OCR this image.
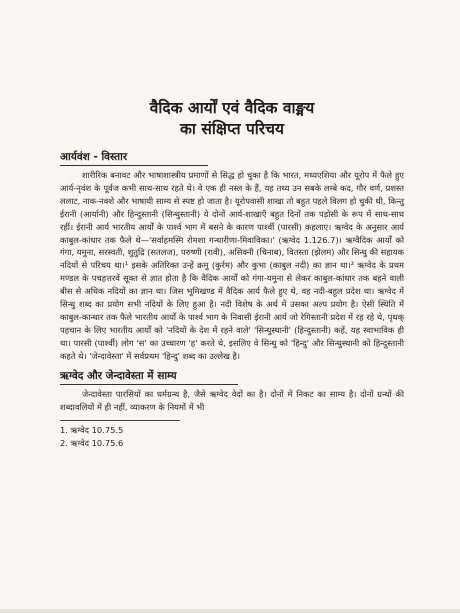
वैदिक आर्यों एवं वैदिक वाङ्मय
का संक्षिप्त परिचय
आर्यवंश - विस्तार

शारीरिक बनावट और भाषाशास्त्रीय प्रमाणों से सिद्ध हो चुका है कि भारत, मध्यएशिया और यूरोप में फैले हुए आर्य-नृवंश के पूर्वज कभी साथ-साथ रहते थे। वे एक ही नस्ल के हैं, यह तथ्य उन सबके लम्बे कद, गौर वर्ण, प्रशस्त ललाट, नाक-नक्शे और भाषायी साम्य से स्पष्ट हो जाता है। यूरोपवासी शाखा तो बहुत पहले विलग हो चुकी थी, किन्तु ईरानी (आर्यानी) और हिन्दुस्तानी (सिन्धुस्तानी) ये दोनों आर्य-शाखाएँ बहुत दिनों तक पड़ोसी के रूप में साथ-साथ रहीं। ईरानी आर्य भारतीय आर्यों के पार्श्व भाग में बसने के कारण पार्श्वी (पारसी) कहलाए। ऋग्वेद के अनुसार आर्य काबुल-कांधार तक फैले थे—'सर्वाहमस्मि रोमशा गन्धारीणा-मिवाविका।' (ऋग्वेद 1.126.7)। ऋग्वैदिक आर्यों को गंगा, यमुना, सरस्वती, शुतुद्रि (सतलज), परुष्णी (रावी), असिक्नी (चिनाब), वितस्ता (झेलम) और सिन्धु की सहायक नदियों से परिचय था।¹ इसके अतिरिक्त उन्हें क्रमु (कुर्रम) और कुभा (काबुल नदी) का ज्ञान था।² ऋग्वेद के प्रथम मण्डल के पचहत्तरवें सूक्त से ज्ञात होता है कि वैदिक आर्यों को गंगा-यमुना से लेकर काबुल-कांधार तक बहने वाली बीस से अधिक नदियों का ज्ञान था। जिस भूमिखण्ड में वैदिक आर्य फैले हुए थे, वह नदी-बहुल प्रदेश था। ऋग्वेद में सिन्धु शब्द का प्रयोग सभी नदियों के लिए हुआ है। नदी विशेष के अर्थ में उसका अल्प प्रयोग है। ऐसी स्थिति में काबुल-कान्धार तक फैले भारतीय आर्यों के पार्श्व भाग के निवासी ईरानी आर्य जो रेगिस्तानी प्रदेश में रह रहे थे, पृथक् पहचान के लिए भारतीय आर्यों को 'नदियों के देश में रहने वाले' 'सिन्धुस्थानी' (हिन्दुस्तानी) कहें, यह स्वाभाविक ही था। पारसी (पार्श्वी) लोग 'स' का उच्चारण 'ह' करते थे, इसलिए वे सिन्धु को 'हिन्दु' और सिन्धुस्थानी को हिन्दुस्तानी कहते थे। 'जेन्दावेस्ता' में सर्वप्रथम 'हिन्दु' शब्द का उल्लेख है।

ऋग्वेद और जेन्दावेस्ता में साम्य

जेन्दावेस्ता पारसियों का धर्मग्रन्थ है, जैसे ऋग्वेद वेदों का है। दोनों में निकट का साम्य है। दोनों ग्रन्थों की शब्दावलियों में ही नहीं, व्याकरण के नियमों में भी

1. ऋग्वेद 10.75.5
2. ऋग्वेद 10.75.6
